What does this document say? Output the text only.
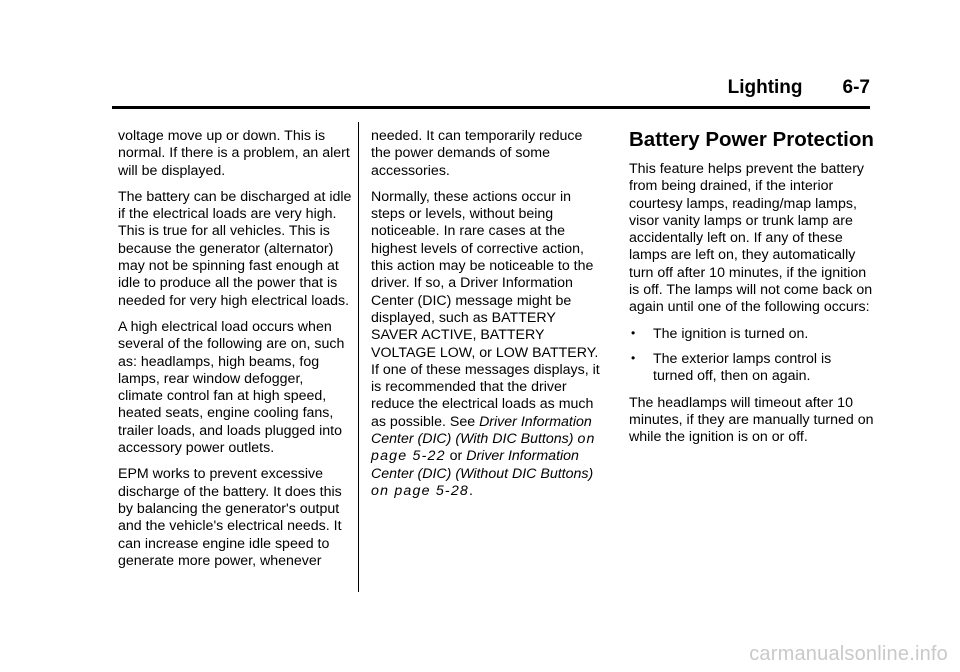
Lighting 6-7

voltage move up or down. This is normal. If there is a problem, an alert will be displayed.

The battery can be discharged at idle if the electrical loads are very high. This is true for all vehicles. This is because the generator (alternator) may not be spinning fast enough at idle to produce all the power that is needed for very high electrical loads.

A high electrical load occurs when several of the following are on, such as: headlamps, high beams, fog lamps, rear window defogger, climate control fan at high speed, heated seats, engine cooling fans, trailer loads, and loads plugged into accessory power outlets.

EPM works to prevent excessive discharge of the battery. It does this by balancing the generator's output and the vehicle's electrical needs. It can increase engine idle speed to generate more power, whenever

needed. It can temporarily reduce the power demands of some accessories.

Normally, these actions occur in steps or levels, without being noticeable. In rare cases at the highest levels of corrective action, this action may be noticeable to the driver. If so, a Driver Information Center (DIC) message might be displayed, such as BATTERY SAVER ACTIVE, BATTERY VOLTAGE LOW, or LOW BATTERY. If one of these messages displays, it is recommended that the driver reduce the electrical loads as much as possible. See Driver Information Center (DIC) (With DIC Buttons) on page 5-22 or Driver Information Center (DIC) (Without DIC Buttons) on page 5-28.

Battery Power Protection

This feature helps prevent the battery from being drained, if the interior courtesy lamps, reading/map lamps, visor vanity lamps or trunk lamp are accidentally left on. If any of these lamps are left on, they automatically turn off after 10 minutes, if the ignition is off. The lamps will not come back on again until one of the following occurs:

• The ignition is turned on.
• The exterior lamps control is turned off, then on again.

The headlamps will timeout after 10 minutes, if they are manually turned on while the ignition is on or off.

carmanualsonline.info
